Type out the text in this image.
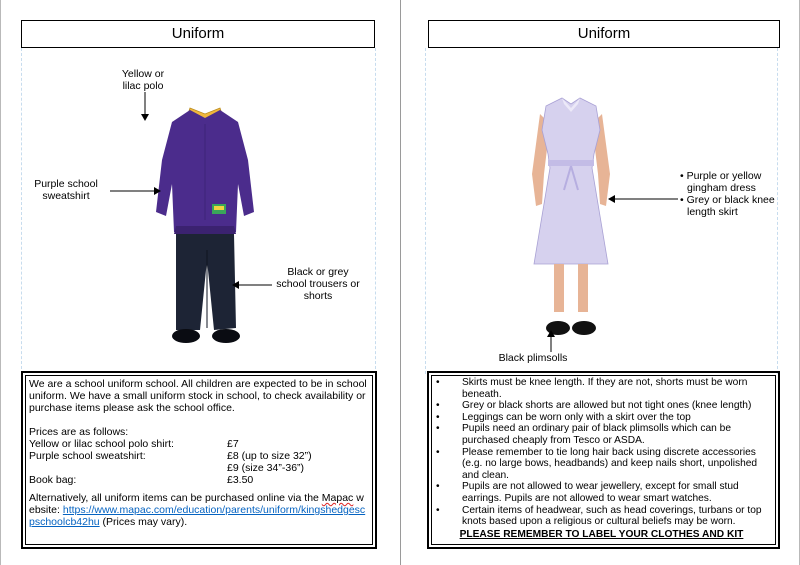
Uniform
Yellow or
lilac polo
Purple school
sweatshirt
Black or grey
school trousers or
shorts
We are a school uniform school. All children are expected to be in school uniform. We have a small uniform stock in school, to check availability or purchase items please ask the school office.
Prices are as follows:
Yellow or lilac school polo shirt:	£7
Purple school sweatshirt:	£8 (up to size 32”)
£9 (size 34”-36”)
Book bag:	£3.50
Alternatively, all uniform items can be purchased online via the Mapac website: https://www.mapac.com/education/parents/uniform/kingshedgescpschoolcb42hu (Prices may vary).
Uniform
• Purple or yellow
gingham dress
• Grey or black knee
length skirt
Black plimsolls
• Skirts must be knee length. If they are not, shorts must be worn beneath.
• Grey or black shorts are allowed but not tight ones (knee length)
• Leggings can be worn only with a skirt over the top
• Pupils need an ordinary pair of black plimsolls which can be purchased cheaply from Tesco or ASDA.
• Please remember to tie long hair back using discrete accessories (e.g. no large bows, headbands) and keep nails short, unpolished and clean.
• Pupils are not allowed to wear jewellery, except for small stud earrings. Pupils are not allowed to wear smart watches.
• Certain items of headwear, such as head coverings, turbans or top knots based upon a religious or cultural beliefs may be worn.
PLEASE REMEMBER TO LABEL YOUR CLOTHES AND KIT
